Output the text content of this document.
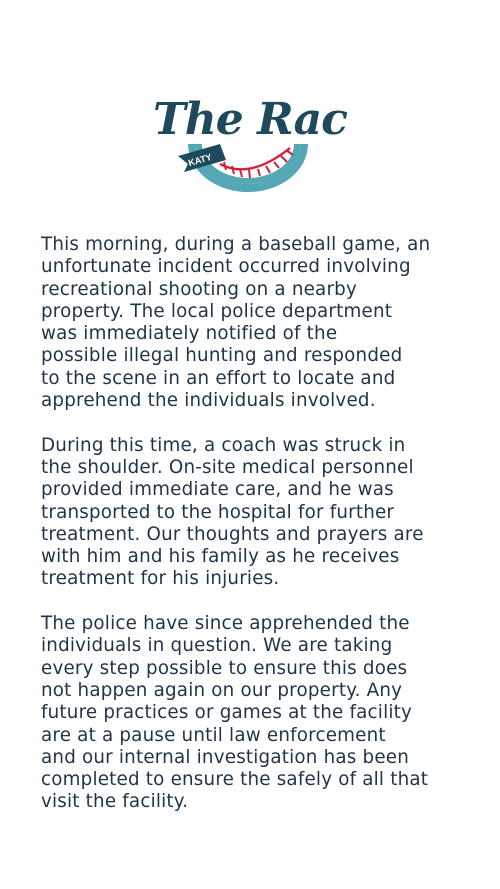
KATY
The Rac

This morning, during a baseball game, an
unfortunate incident occurred involving
recreational shooting on a nearby
property. The local police department
was immediately notified of the
possible illegal hunting and responded
to the scene in an effort to locate and
apprehend the individuals involved.

During this time, a coach was struck in
the shoulder. On-site medical personnel
provided immediate care, and he was
transported to the hospital for further
treatment. Our thoughts and prayers are
with him and his family as he receives
treatment for his injuries.

The police have since apprehended the
individuals in question. We are taking
every step possible to ensure this does
not happen again on our property. Any
future practices or games at the facility
are at a pause until law enforcement
and our internal investigation has been
completed to ensure the safely of all that
visit the facility.
